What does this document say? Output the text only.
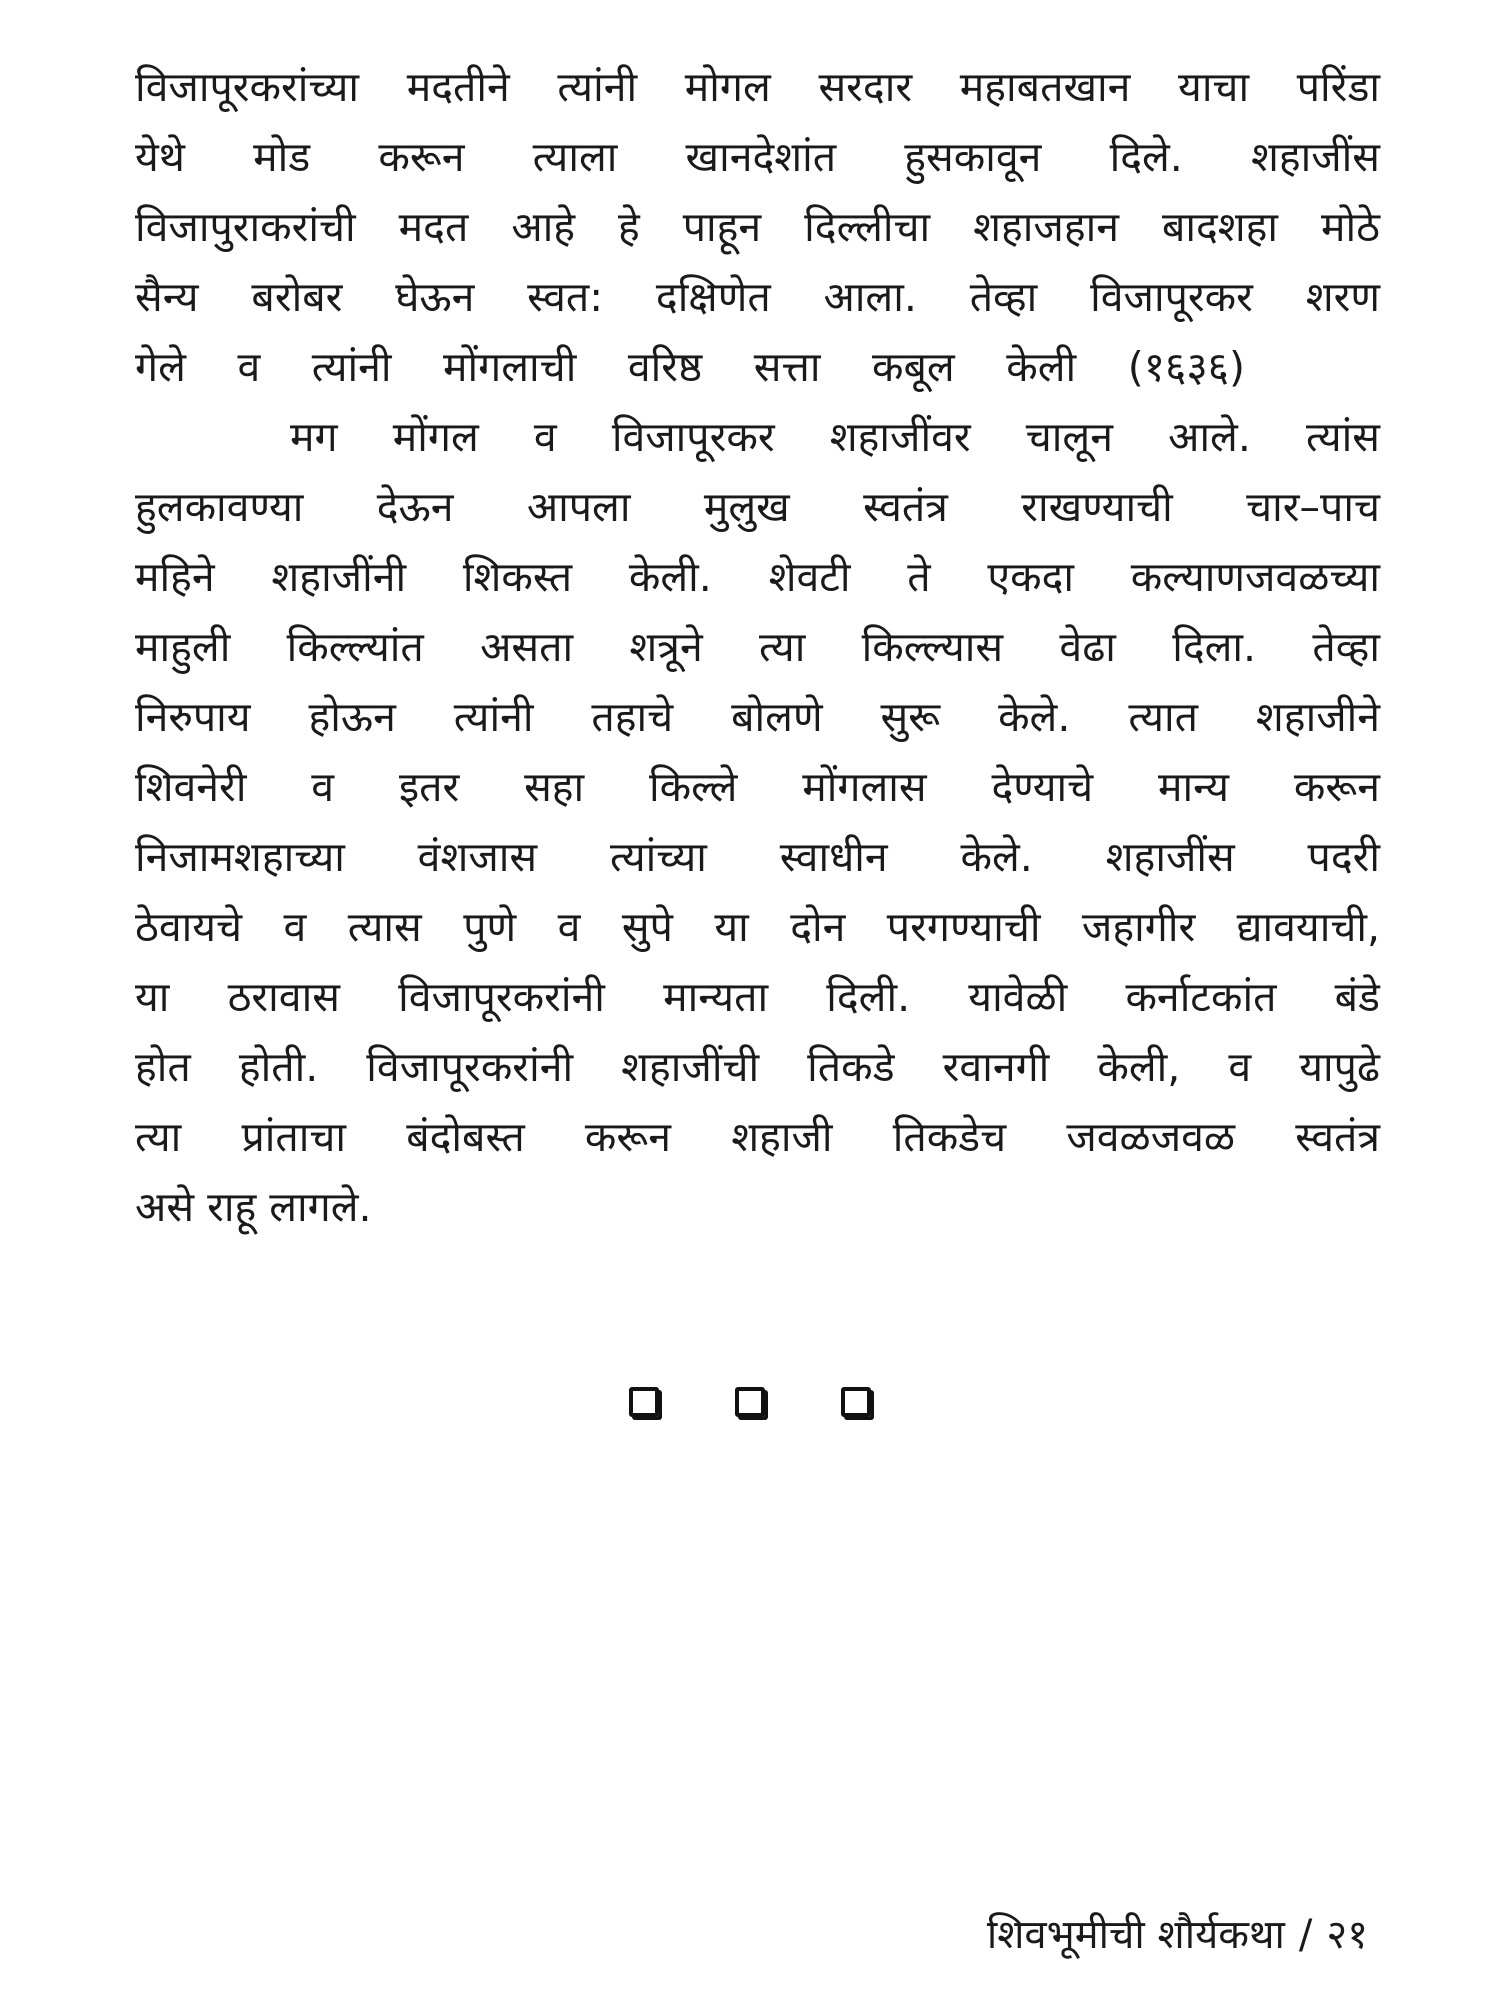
विजापूरकरांच्या मदतीने त्यांनी मोगल सरदार महाबतखान याचा परिंडा
येथे मोड करून त्याला खानदेशांत हुसकावून दिले. शहाजींस
विजापुराकरांची मदत आहे हे पाहून दिल्लीचा शहाजहान बादशहा मोठे
सैन्य बरोबर घेऊन स्वत: दक्षिणेत आला. तेव्हा विजापूरकर शरण
गेले व त्यांनी मोंगलाची वरिष्ठ सत्ता कबूल केली (१६३६)
मग मोंगल व विजापूरकर शहाजींवर चालून आले. त्यांस
हुलकावण्या देऊन आपला मुलुख स्वतंत्र राखण्याची चार–पाच
महिने शहाजींनी शिकस्त केली. शेवटी ते एकदा कल्याणजवळच्या
माहुली किल्ल्यांत असता शत्रूने त्या किल्ल्यास वेढा दिला. तेव्हा
निरुपाय होऊन त्यांनी तहाचे बोलणे सुरू केले. त्यात शहाजीने
शिवनेरी व इतर सहा किल्ले मोंगलास देण्याचे मान्य करून
निजामशहाच्या वंशजास त्यांच्या स्वाधीन केले. शहाजींस पदरी
ठेवायचे व त्यास पुणे व सुपे या दोन परगण्याची जहागीर द्यावयाची,
या ठरावास विजापूरकरांनी मान्यता दिली. यावेळी कर्नाटकांत बंडे
होत होती. विजापूरकरांनी शहाजींची तिकडे रवानगी केली, व यापुढे
त्या प्रांताचा बंदोबस्त करून शहाजी तिकडेच जवळजवळ स्वतंत्र
असे राहू लागले.
शिवभूमीची शौर्यकथा / २१
